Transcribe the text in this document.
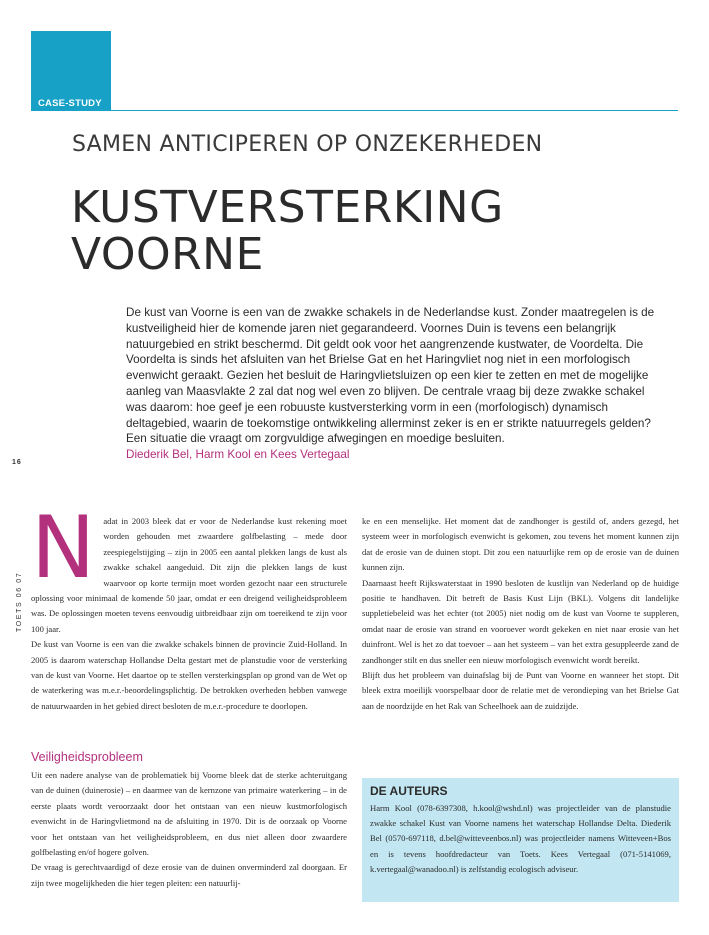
CASE-STUDY
SAMEN ANTICIPEREN OP ONZEKERHEDEN
KUSTVERSTERKING
VOORNE

De kust van Voorne is een van de zwakke schakels in de Nederlandse kust. Zonder maatregelen is de kustveiligheid hier de komende jaren niet gegarandeerd. Voornes Duin is tevens een belangrijk natuurgebied en strikt beschermd. Dit geldt ook voor het aangrenzende kustwater, de Voordelta. Die Voordelta is sinds het afsluiten van het Brielse Gat en het Haringvliet nog niet in een morfologisch evenwicht geraakt. Gezien het besluit de Haringvlietsluizen op een kier te zetten en met de mogelijke aanleg van Maasvlakte 2 zal dat nog wel even zo blijven. De centrale vraag bij deze zwakke schakel was daarom: hoe geef je een robuuste kustversterking vorm in een (morfologisch) dynamisch deltagebied, waarin de toekomstige ontwikkeling allerminst zeker is en er strikte natuurregels gelden? Een situatie die vraagt om zorgvuldige afwegingen en moedige besluiten.

Diederik Bel, Harm Kool en Kees Vertegaal

16
TOETS 06 07
N adat in 2003 bleek dat er voor de Nederlandse kust rekening moet worden gehouden met zwaardere golfbelasting – mede door zeespiegelstijging – zijn in 2005 een aantal plekken langs de kust als zwakke schakel aangeduid. Dit zijn die plekken langs de kust waarvoor op korte termijn moet worden gezocht naar een structurele oplossing voor minimaal de komende 50 jaar, omdat er een dreigend veiligheidsprobleem was. De oplossingen moeten tevens eenvoudig uitbreidbaar zijn om toereikend te zijn voor 100 jaar.

De kust van Voorne is een van die zwakke schakels binnen de provincie Zuid-Holland. In 2005 is daarom waterschap Hollandse Delta gestart met de planstudie voor de versterking van de kust van Voorne. Het daartoe op te stellen versterkingsplan op grond van de Wet op de waterkering was m.e.r.-beoordelingsplichtig. De betrokken overheden hebben vanwege de natuurwaarden in het gebied direct besloten de m.e.r.-procedure te doorlopen.

Veiligheidsprobleem

Uit een nadere analyse van de problematiek bij Voorne bleek dat de sterke achteruitgang van de duinen (duinerosie) – en daarmee van de kernzone van primaire waterkering – in de eerste plaats wordt veroorzaakt door het ontstaan van een nieuw kustmorfologisch evenwicht in de Haringvlietmond na de afsluiting in 1970. Dit is de oorzaak op Voorne voor het ontstaan van het veiligheidsprobleem, en dus niet alleen door zwaardere golfbelasting en/of hogere golven.

De vraag is gerechtvaardigd of deze erosie van de duinen onverminderd zal doorgaan. Er zijn twee mogelijkheden die hier tegen pleiten: een natuurlij-

ke en een menselijke. Het moment dat de zandhonger is gestild of, anders gezegd, het systeem weer in morfologisch evenwicht is gekomen, zou tevens het moment kunnen zijn dat de erosie van de duinen stopt. Dit zou een natuurlijke rem op de erosie van de duinen kunnen zijn.

Daarnaast heeft Rijkswaterstaat in 1990 besloten de kustlijn van Nederland op de huidige positie te handhaven. Dit betreft de Basis Kust Lijn (BKL). Volgens dit landelijke suppletiebeleid was het echter (tot 2005) niet nodig om de kust van Voorne te suppleren, omdat naar de erosie van strand en vooroever wordt gekeken en niet naar erosie van het duinfront. Wel is het zo dat toevoer – aan het systeem – van het extra gesuppleerde zand de zandhonger stilt en dus sneller een nieuw morfologisch evenwicht wordt bereikt.

Blijft dus het probleem van duinafslag bij de Punt van Voorne en wanneer het stopt. Dit bleek extra moeilijk voorspelbaar door de relatie met de verondieping van het Brielse Gat aan de noordzijde en het Rak van Scheelhoek aan de zuidzijde.

DE AUTEURS

Harm Kool (078-6397308, h.kool@wshd.nl) was projectleider van de planstudie zwakke schakel Kust van Voorne namens het waterschap Hollandse Delta. Diederik Bel (0570-697118, d.bel@witteveenbos.nl) was projectleider namens Witteveen+Bos en is tevens hoofdredacteur van Toets. Kees Vertegaal (071-5141069, k.vertegaal@wanadoo.nl) is zelfstandig ecologisch adviseur.
